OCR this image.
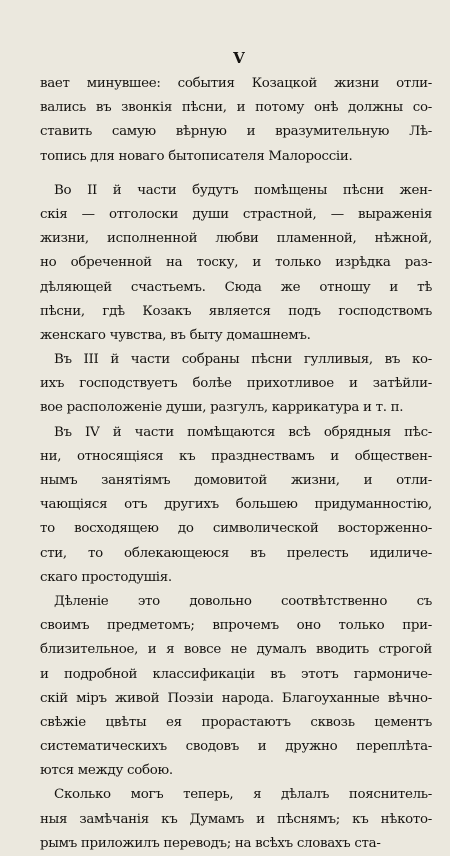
V
вает минувшее: события Козацкой жизни отли-
вались въ звонкія пѣсни, и потому онѣ должны со-
ставить самую вѣрную и вразумительную Лѣ-
топись для новаго бытописателя Малороссіи.
Во II й части будутъ помѣщены пѣсни жен-
скія — отголоски души страстной, — выраженія
жизни, исполненной любви пламенной, нѣжной,
но обреченной на тоску, и только изрѣдка раз-
дѣляющей счастьемъ. Сюда же отношу и тѣ
пѣсни, гдѣ Козакъ является подъ господствомъ
женскаго чувства, въ быту домашнемъ.
Въ III й части собраны пѣсни гулливыя, въ ко-
ихъ господствуетъ болѣе прихотливое и затѣйли-
вое расположеніе души, разгулъ, каррикатура и т. п.
Въ IV й части помѣщаются всѣ обрядныя пѣс-
ни, относящіяся къ празднествамъ и обществен-
нымъ занятіямъ домовитой жизни, и отли-
чающіяся отъ другихъ большею придуманностію,
то восходящею до символической восторженно-
сти, то облекающеюся въ прелесть идиличе-
скаго простодушія.
Дѣленіе это довольно соотвѣтственно съ
своимъ предметомъ; впрочемъ оно только при-
близительное, и я вовсе не думалъ вводить строгой
и подробной классификаціи въ этотъ гармониче-
скій міръ живой Поэзіи народа. Благоуханные вѣчно-
свѣжіе цвѣты ея прорастаютъ сквозь цементъ
систематическихъ сводовъ и дружно переплѣта-
ются между собою.
Сколько могъ теперь, я дѣлалъ пояснитель-
ныя замѣчанія къ Думамъ и пѣснямъ; къ нѣкото-
рымъ приложилъ переводъ; на всѣхъ словахъ ста-
